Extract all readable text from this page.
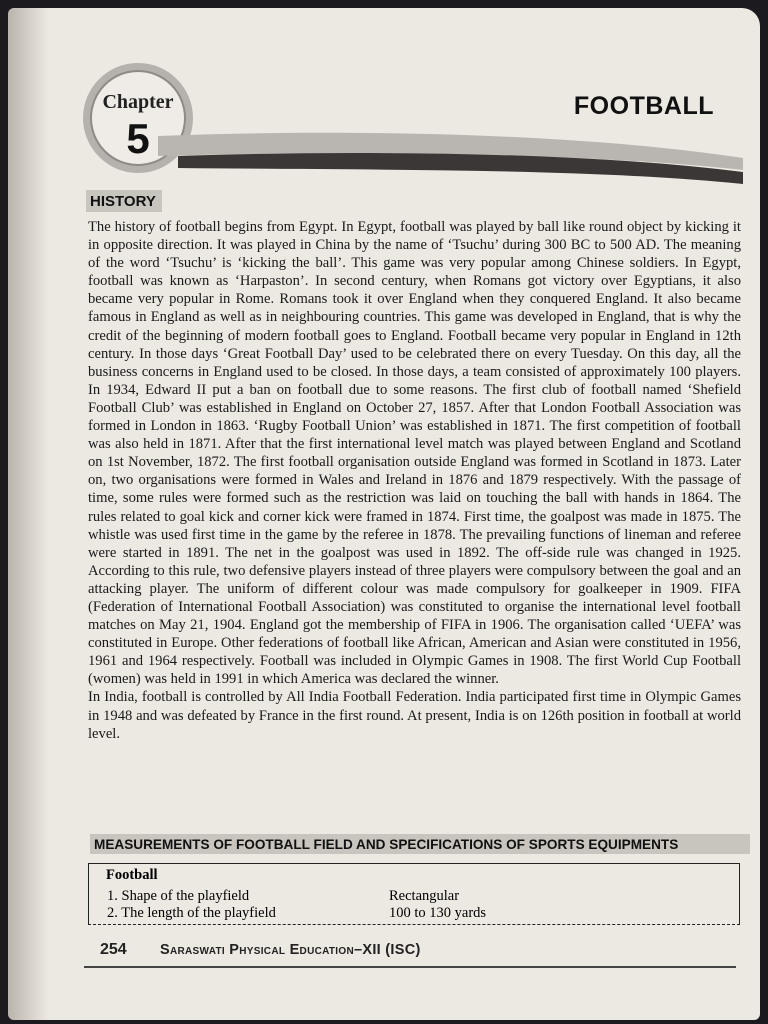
Chapter
5
FOOTBALL
HISTORY

The history of football begins from Egypt. In Egypt, football was played by ball like round object by kicking it in opposite direction. It was played in China by the name of ‘Tsuchu’ during 300 BC to 500 AD. The meaning of the word ‘Tsuchu’ is ‘kicking the ball’. This game was very popular among Chinese soldiers. In Egypt, football was known as ‘Harpaston’. In second century, when Romans got victory over Egyptians, it also became very popular in Rome. Romans took it over England when they conquered England. It also became famous in England as well as in neighbouring countries. This game was developed in England, that is why the credit of the beginning of modern football goes to England. Football became very popular in England in 12th century. In those days ‘Great Football Day’ used to be celebrated there on every Tuesday. On this day, all the business concerns in England used to be closed. In those days, a team consisted of approximately 100 players. In 1934, Edward II put a ban on football due to some reasons. The first club of football named ‘Shefield Football Club’ was established in England on October 27, 1857. After that London Football Association was formed in London in 1863. ‘Rugby Football Union’ was established in 1871. The first competition of football was also held in 1871. After that the first international level match was played between England and Scotland on 1st November, 1872. The first football organisation outside England was formed in Scotland in 1873. Later on, two organisations were formed in Wales and Ireland in 1876 and 1879 respectively. With the passage of time, some rules were formed such as the restriction was laid on touching the ball with hands in 1864. The rules related to goal kick and corner kick were framed in 1874. First time, the goalpost was made in 1875. The whistle was used first time in the game by the referee in 1878. The prevailing functions of lineman and referee were started in 1891. The net in the goalpost was used in 1892. The off-side rule was changed in 1925. According to this rule, two defensive players instead of three players were compulsory between the goal and an attacking player. The uniform of different colour was made compulsory for goalkeeper in 1909. FIFA (Federation of International Football Association) was constituted to organise the international level football matches on May 21, 1904. England got the membership of FIFA in 1906. The organisation called ‘UEFA’ was constituted in Europe. Other federations of football like African, American and Asian were constituted in 1956, 1961 and 1964 respectively. Football was included in Olympic Games in 1908. The first World Cup Football (women) was held in 1991 in which America was declared the winner.

In India, football is controlled by All India Football Federation. India participated first time in Olympic Games in 1948 and was defeated by France in the first round. At present, India is on 126th position in football at world level.

MEASUREMENTS OF FOOTBALL FIELD AND SPECIFICATIONS OF SPORTS EQUIPMENTS
Football
1. Shape of the playfield	Rectangular
2. The length of the playfield	100 to 130 yards
254 Saraswati Physical Education–XII (ISC)
